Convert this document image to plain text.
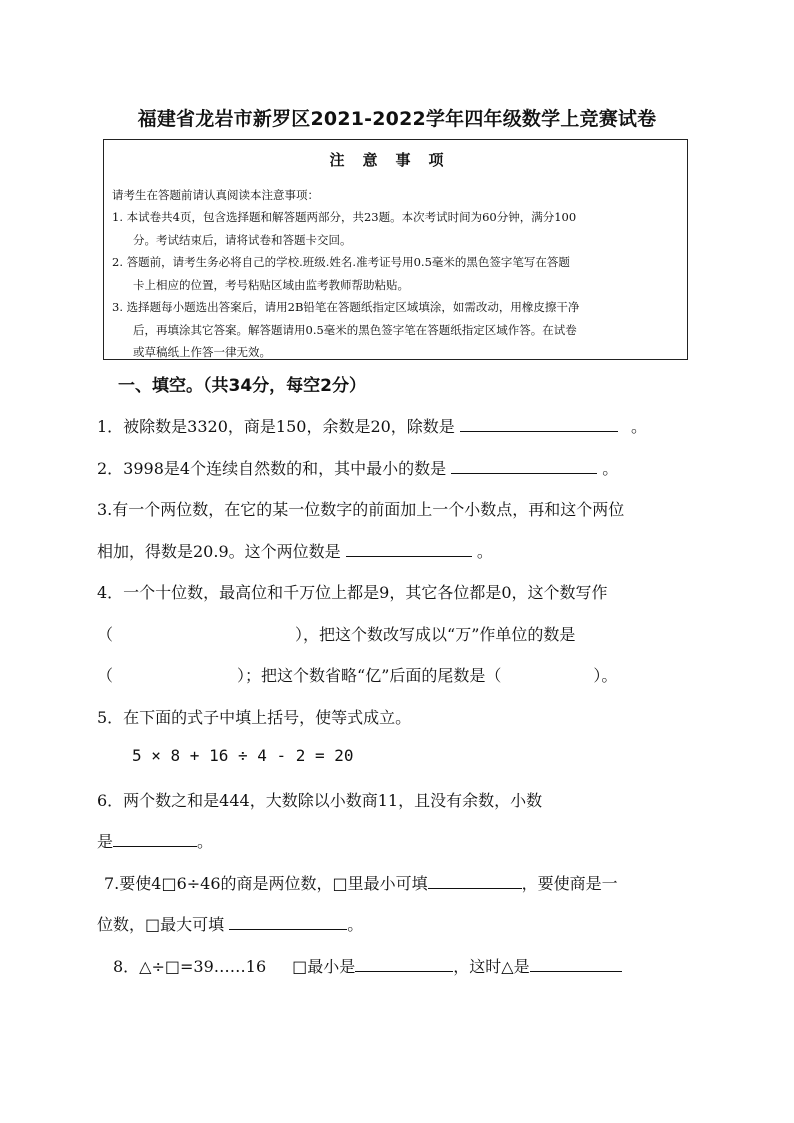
福建省龙岩市新罗区2021-2022学年四年级数学上竞赛试卷
注意事项
请考生在答题前请认真阅读本注意事项：
1. 本试卷共4页，包含选择题和解答题两部分，共23题。本次考试时间为60分钟，满分100
分。考试结束后，请将试卷和答题卡交回。
2. 答题前，请考生务必将自己的学校.班级.姓名.准考证号用0.5毫米的黑色签字笔写在答题
卡上相应的位置，考号粘贴区域由监考教师帮助粘贴。
3. 选择题每小题选出答案后，请用2B铅笔在答题纸指定区域填涂，如需改动，用橡皮擦干净
后，再填涂其它答案。解答题请用0.5毫米的黑色签字笔在答题纸指定区域作答。在试卷
或草稿纸上作答一律无效。
一、填空。（共34分，每空2分）
1．被除数是3320，商是150，余数是20，除数是	。
2．3998是4个连续自然数的和，其中最小的数是	。
3.有一个两位数，在它的某一位数字的前面加上一个小数点，再和这个两位
相加，得数是20.9。这个两位数是	。
4．一个十位数，最高位和千万位上都是9，其它各位都是0，这个数写作
（	），把这个数改写成以“万”作单位的数是
（	）；把这个数省略“亿”后面的尾数是（	）。
5．在下面的式子中填上括号，使等式成立。
5 × 8 + 16 ÷ 4 - 2 = 20
6．两个数之和是444，大数除以小数商11，且没有余数，小数
是	。
7.要使4□6÷46的商是两位数，□里最小可填	，要使商是一
位数，□最大可填	。
8．△÷□=39……16 □最小是	，这时△是
